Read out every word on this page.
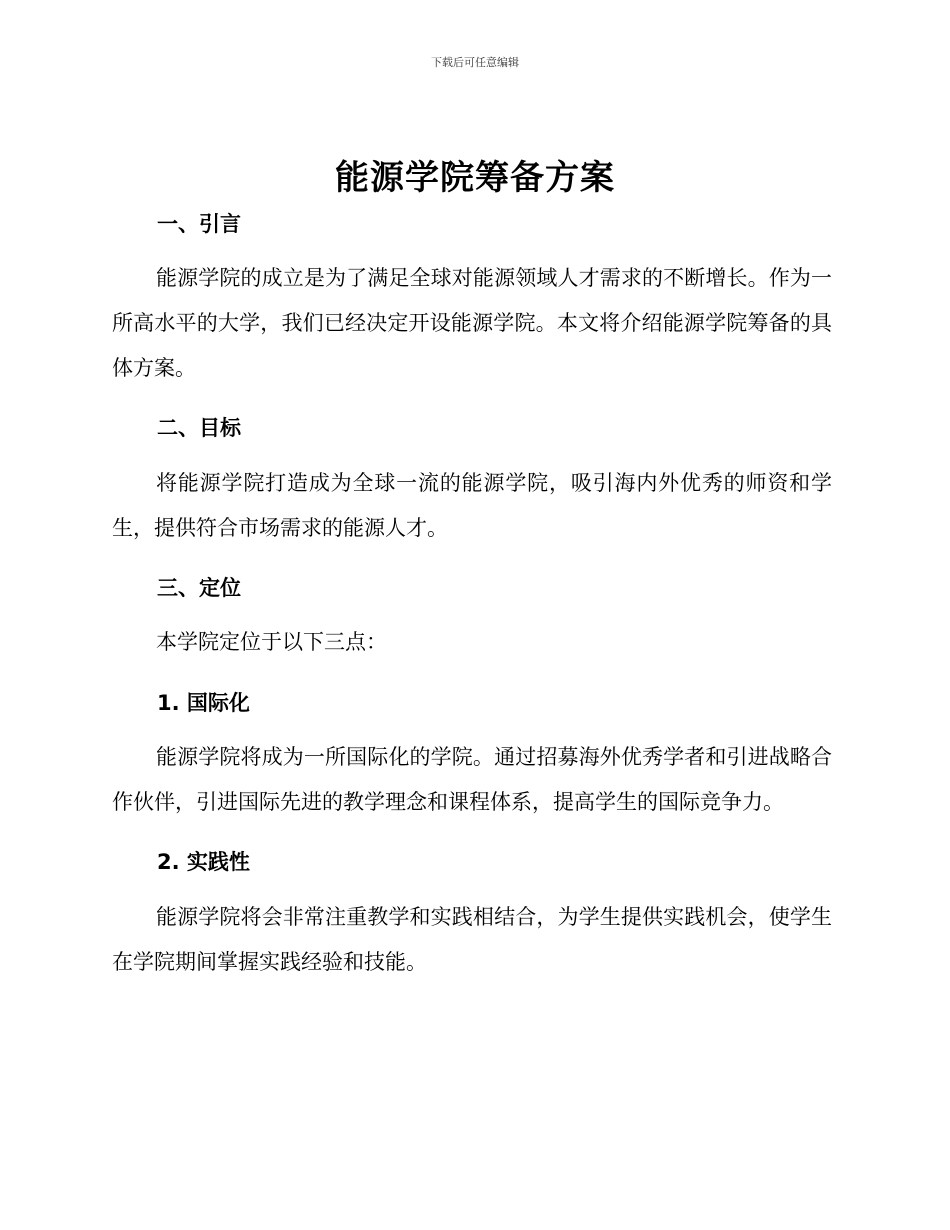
下载后可任意编辑
能源学院筹备方案
一、引言

能源学院的成立是为了满足全球对能源领域人才需求的不断增长。作为一所高水平的大学，我们已经决定开设能源学院。本文将介绍能源学院筹备的具体方案。

二、目标

将能源学院打造成为全球一流的能源学院，吸引海内外优秀的师资和学生，提供符合市场需求的能源人才。

三、定位

本学院定位于以下三点：

1. 国际化

能源学院将成为一所国际化的学院。通过招募海外优秀学者和引进战略合作伙伴，引进国际先进的教学理念和课程体系，提高学生的国际竞争力。

2. 实践性

能源学院将会非常注重教学和实践相结合，为学生提供实践机会，使学生在学院期间掌握实践经验和技能。
